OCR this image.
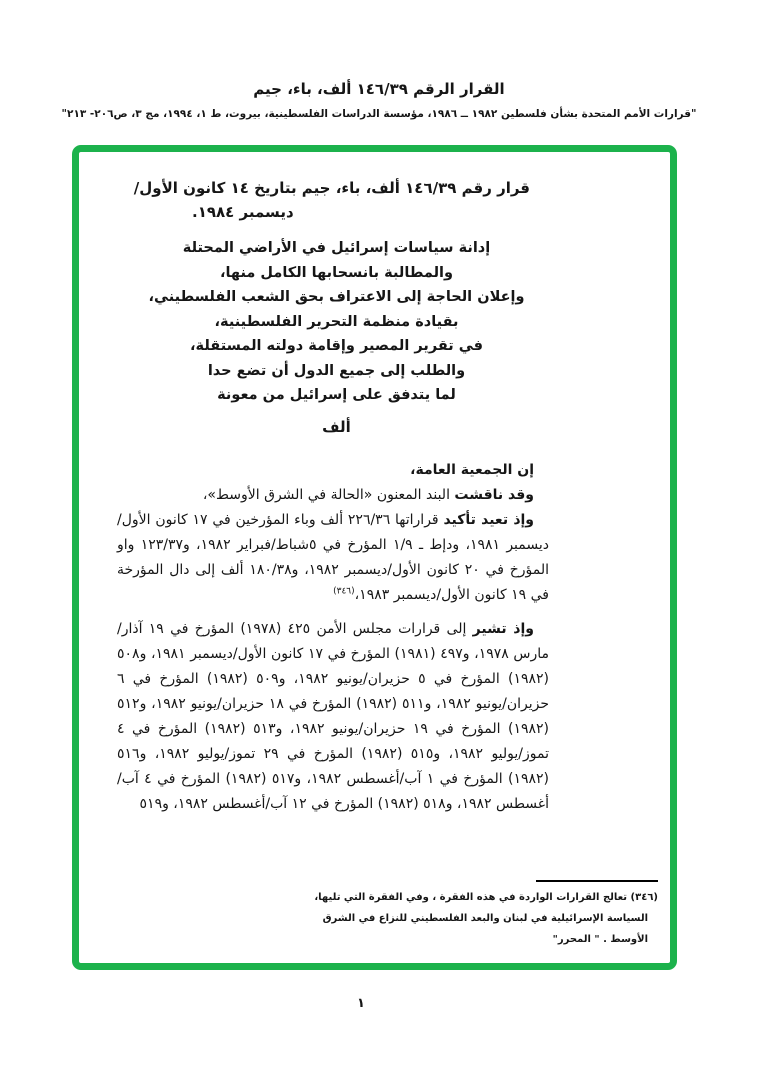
القرار الرقم ١٤٦/٣٩ ألف، باء، جيم
"قرارات الأمم المتحدة بشأن فلسطين ١٩٨٢ ــ ١٩٨٦، مؤسسة الدراسات الفلسطينية، بيروت، ط ١، ١٩٩٤، مج ٣، ص٢٠٦- ٢١٣"
قرار رقم ١٤٦/٣٩ ألف، باء، جيم بتاريخ ١٤ كانون الأول/
ديسمبر ١٩٨٤.
إدانة سياسات إسرائيل في الأراضي المحتلة
والمطالبة بانسحابها الكامل منها،
وإعلان الحاجة إلى الاعتراف بحق الشعب الفلسطيني،
بقيادة منظمة التحرير الفلسطينية،
في تقرير المصير وإقامة دولته المستقلة،
والطلب إلى جميع الدول أن تضع حدا
لما يتدفق على إسرائيل من معونة
ألف

إن الجمعية العامة،

وقد ناقشت البند المعنون «الحالة في الشرق الأوسط»،

وإذ تعيد تأكيد قراراتها ٢٢٦/٣٦ ألف وباء المؤرخين في ١٧ كانون الأول/ديسمبر ١٩٨١، ودإط ـ ١/٩ المؤرخ في ٥شباط/فبراير ١٩٨٢، و١٢٣/٣٧ واو المؤرخ في ٢٠ كانون الأول/ديسمبر ١٩٨٢، و١٨٠/٣٨ ألف إلى دال المؤرخة في ١٩ كانون الأول/ديسمبر ١٩٨٣،$^{(٣٤٦)}$

وإذ تشير إلى قرارات مجلس الأمن ٤٢٥ (١٩٧٨) المؤرخ في ١٩ آذار/مارس ١٩٧٨، و٤٩٧ (١٩٨١) المؤرخ في ١٧ كانون الأول/ديسمبر ١٩٨١، و٥٠٨ (١٩٨٢) المؤرخ في ٥ حزيران/يونيو ١٩٨٢، و٥٠٩ (١٩٨٢) المؤرخ في ٦ حزيران/يونيو ١٩٨٢، و٥١١ (١٩٨٢) المؤرخ في ١٨ حزيران/يونيو ١٩٨٢، و٥١٢ (١٩٨٢) المؤرخ في ١٩ حزيران/يونيو ١٩٨٢، و٥١٣ (١٩٨٢) المؤرخ في ٤ تموز/يوليو ١٩٨٢، و٥١٥ (١٩٨٢) المؤرخ في ٢٩ تموز/يوليو ١٩٨٢، و٥١٦ (١٩٨٢) المؤرخ في ١ آب/أغسطس ١٩٨٢، و٥١٧ (١٩٨٢) المؤرخ في ٤ آب/أغسطس ١٩٨٢، و٥١٨ (١٩٨٢) المؤرخ في ١٢ آب/أغسطس ١٩٨٢، و٥١٩

(٣٤٦) تعالج القرارات الواردة في هذه الفقرة ، وفي الفقرة التي تليها،
السياسة الإسرائيلية في لبنان والبعد الفلسطيني للنزاع في الشرق
الأوسط . " المحرر"
١
